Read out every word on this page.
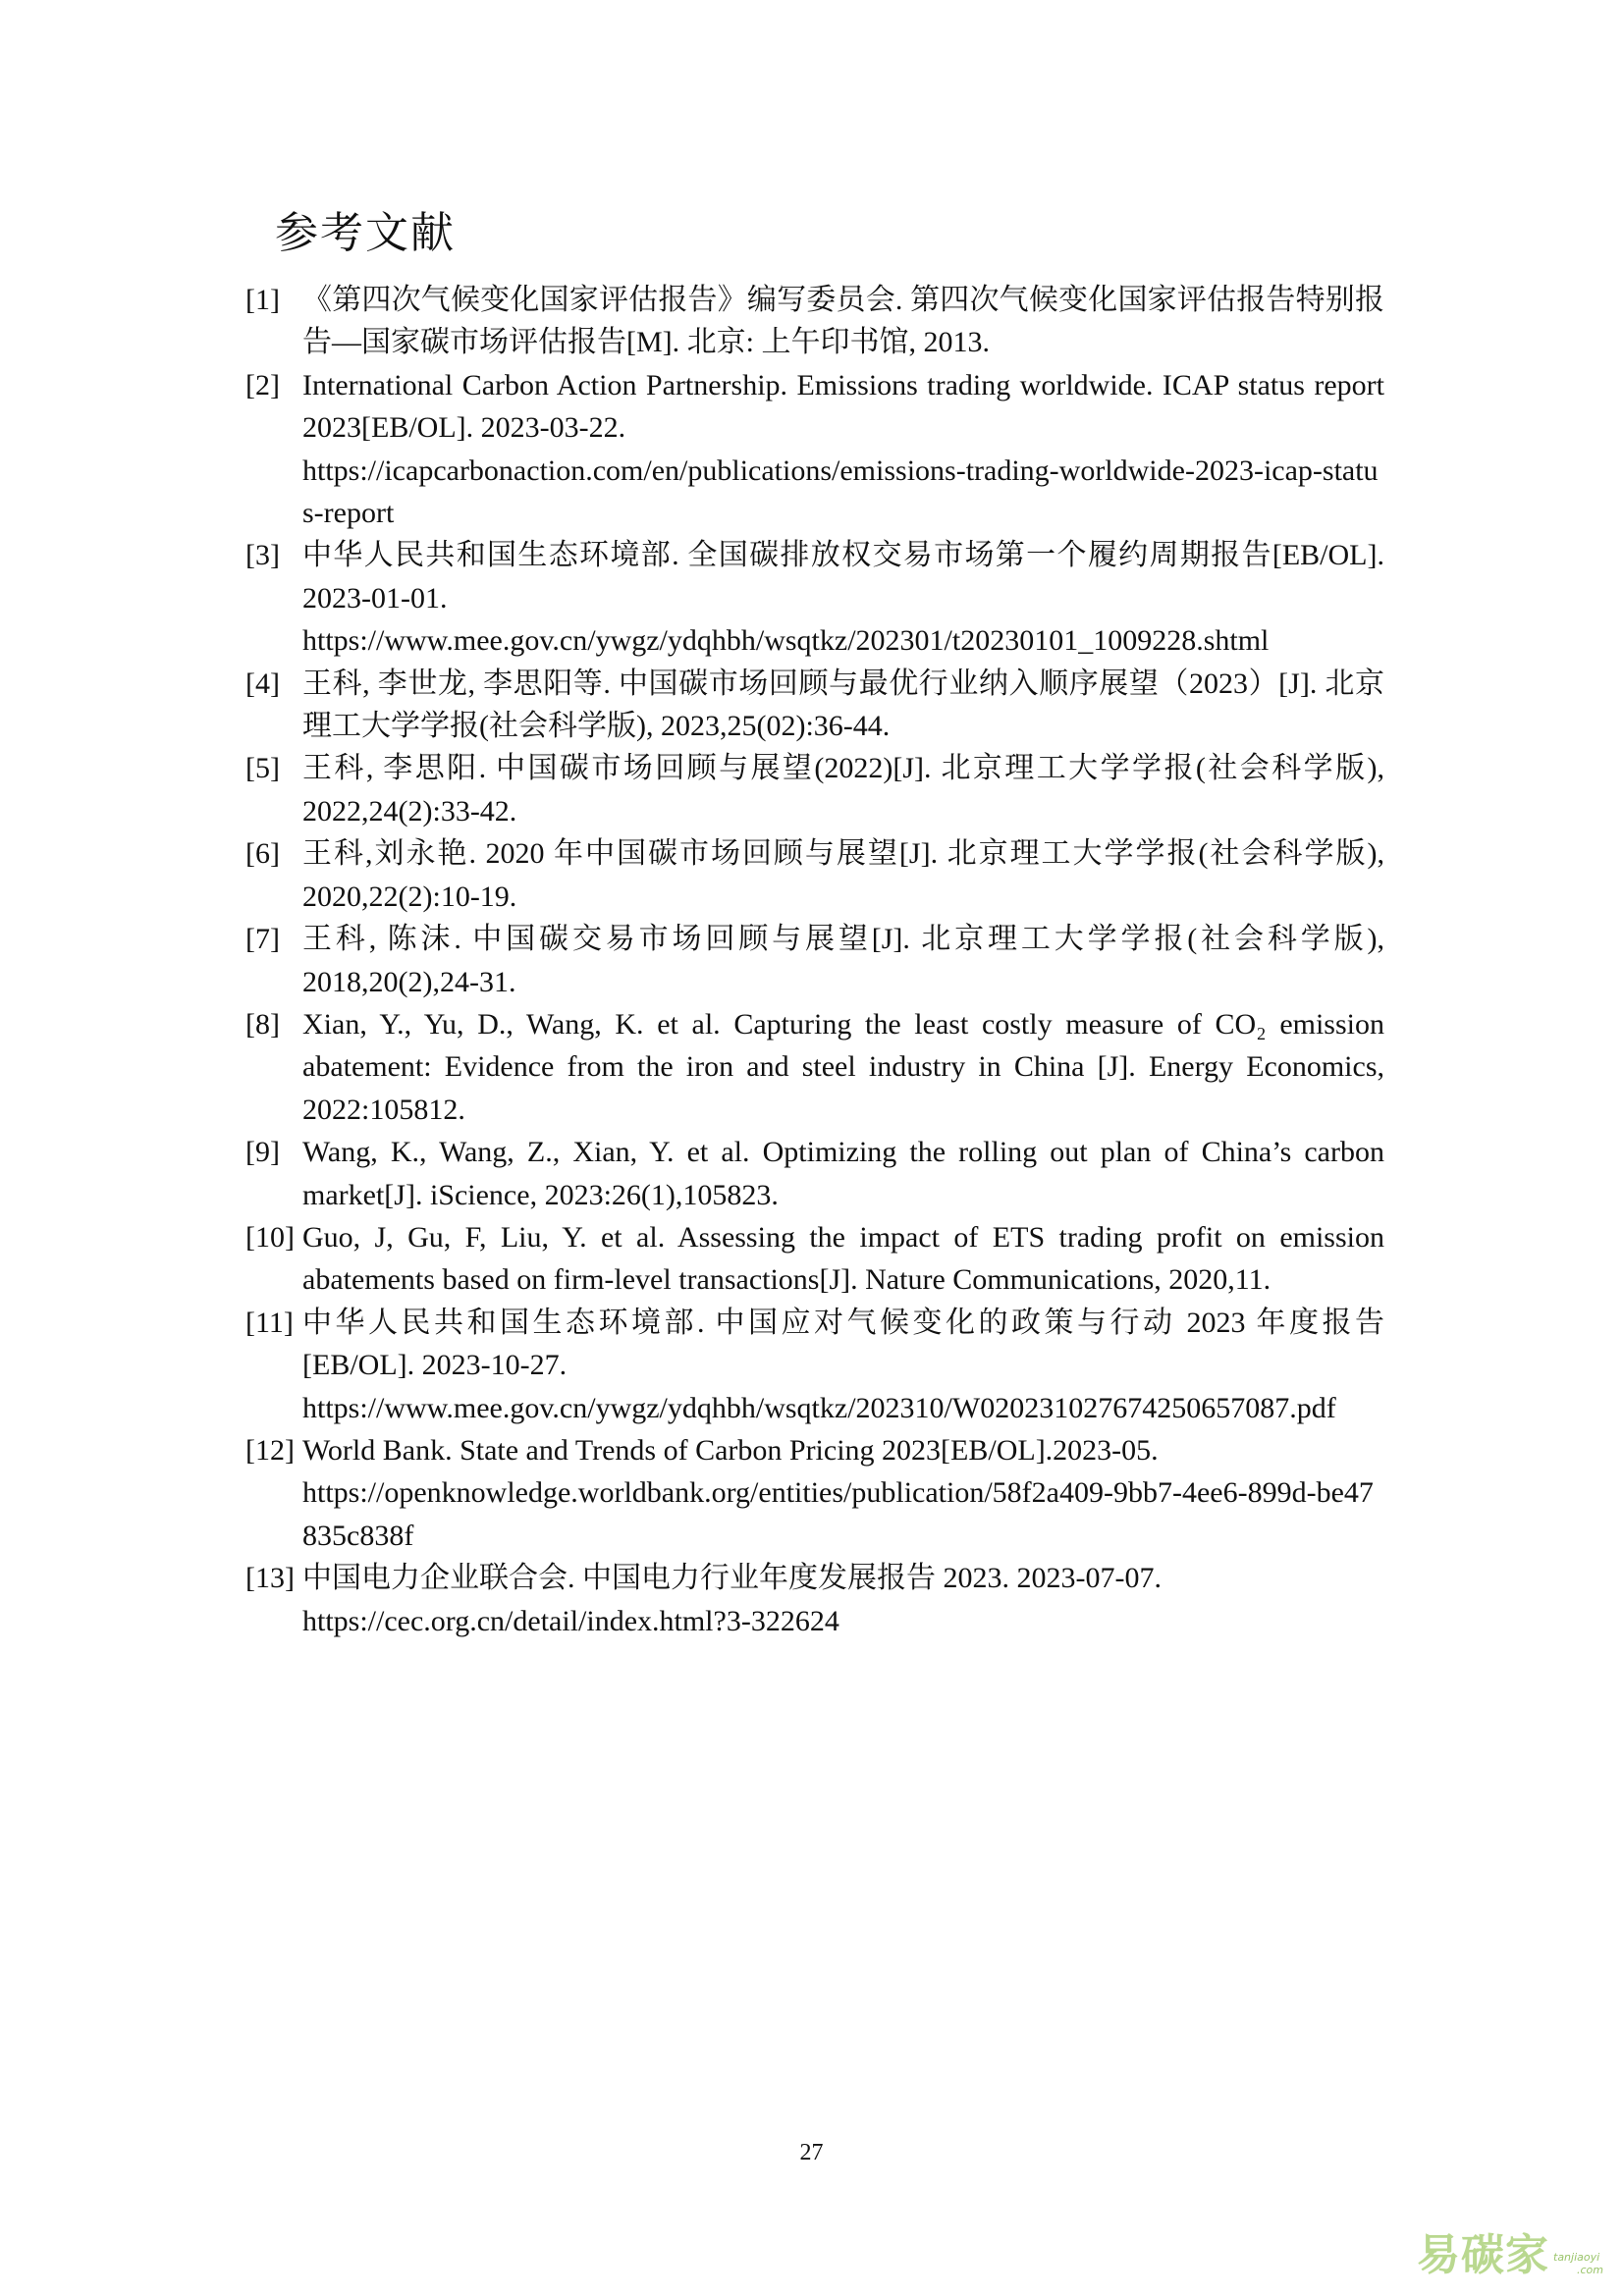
参考文献
[1] 《第四次气候变化国家评估报告》编写委员会. 第四次气候变化国家评估报告特别报告—国家碳市场评估报告[M]. 北京: 上午印书馆, 2013.
[2] International Carbon Action Partnership. Emissions trading worldwide. ICAP status report 2023[EB/OL]. 2023-03-22.
https://icapcarbonaction.com/en/publications/emissions-trading-worldwide-2023-icap-status-report
[3] 中华人民共和国生态环境部. 全国碳排放权交易市场第一个履约周期报告[EB/OL]. 2023-01-01.
https://www.mee.gov.cn/ywgz/ydqhbh/wsqtkz/202301/t20230101_1009228.shtml
[4] 王科, 李世龙, 李思阳等. 中国碳市场回顾与最优行业纳入顺序展望（2023）[J]. 北京理工大学学报(社会科学版), 2023,25(02):36-44.
[5] 王科, 李思阳. 中国碳市场回顾与展望(2022)[J]. 北京理工大学学报(社会科学版), 2022,24(2):33-42.
[6] 王科,刘永艳. 2020 年中国碳市场回顾与展望[J]. 北京理工大学学报(社会科学版), 2020,22(2):10-19.
[7] 王科, 陈沫. 中国碳交易市场回顾与展望[J]. 北京理工大学学报(社会科学版), 2018,20(2),24-31.
[8] Xian, Y., Yu, D., Wang, K. et al. Capturing the least costly measure of CO₂ emission abatement: Evidence from the iron and steel industry in China [J]. Energy Economics, 2022:105812.
[9] Wang, K., Wang, Z., Xian, Y. et al. Optimizing the rolling out plan of China’s carbon market[J]. iScience, 2023:26(1),105823.
[10] Guo, J, Gu, F, Liu, Y. et al. Assessing the impact of ETS trading profit on emission abatements based on firm-level transactions[J]. Nature Communications, 2020,11.
[11] 中华人民共和国生态环境部. 中国应对气候变化的政策与行动 2023 年度报告[EB/OL]. 2023-10-27.
https://www.mee.gov.cn/ywgz/ydqhbh/wsqtkz/202310/W020231027674250657087.pdf
[12] World Bank. State and Trends of Carbon Pricing 2023[EB/OL].2023-05.
https://openknowledge.worldbank.org/entities/publication/58f2a409-9bb7-4ee6-899d-be47835c838f
[13] 中国电力企业联合会. 中国电力行业年度发展报告 2023. 2023-07-07.
https://cec.org.cn/detail/index.html?3-322624
27
易碳家 tanjiaoyi
.com
